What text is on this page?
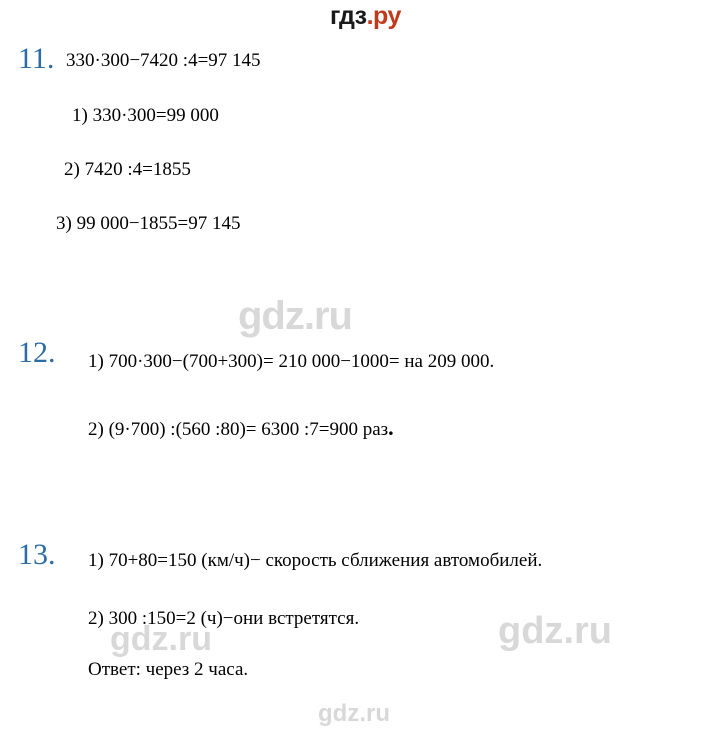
гдз.ру
gdz.ru
gdz.ru	gdz.ru
gdz.ru
11. 330·300−7420 :4=97 145
1) 330·300=99 000
2) 7420 :4=1855
3) 99 000−1855=97 145
12. 1) 700·300−(700+300)= 210 000−1000= на 209 000.
2) (9·700) :(560 :80)= 6300 :7=900 раз.
13. 1) 70+80=150 (км/ч)− скорость сближения автомобилей.
2) 300 :150=2 (ч)−они встретятся.
Ответ: через 2 часа.
